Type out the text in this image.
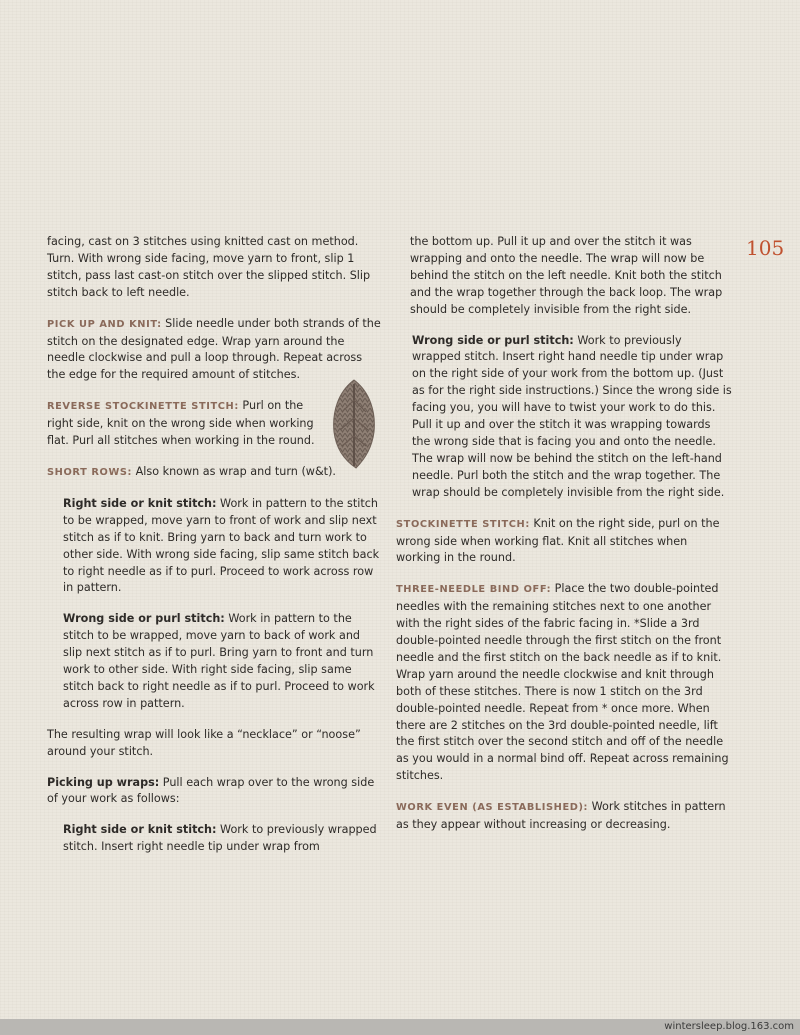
105

facing, cast on 3 stitches using knitted cast on method. Turn. With wrong side facing, move yarn to front, slip 1 stitch, pass last cast-on stitch over the slipped stitch. Slip stitch back to left needle.

PICK UP AND KNIT: Slide needle under both strands of the stitch on the designated edge. Wrap yarn around the needle clockwise and pull a loop through. Repeat across the edge for the required amount of stitches.

REVERSE STOCKINETTE STITCH: Purl on the right side, knit on the wrong side when working flat. Purl all stitches when working in the round.

SHORT ROWS: Also known as wrap and turn (w&t).

Right side or knit stitch: Work in pattern to the stitch to be wrapped, move yarn to front of work and slip next stitch as if to knit. Bring yarn to back and turn work to other side. With wrong side facing, slip same stitch back to right needle as if to purl. Proceed to work across row in pattern.

Wrong side or purl stitch: Work in pattern to the stitch to be wrapped, move yarn to back of work and slip next stitch as if to purl. Bring yarn to front and turn work to other side. With right side facing, slip same stitch back to right needle as if to purl. Proceed to work across row in pattern.

The resulting wrap will look like a “necklace” or “noose” around your stitch.

Picking up wraps: Pull each wrap over to the wrong side of your work as follows:

Right side or knit stitch: Work to previously wrapped stitch. Insert right needle tip under wrap from

the bottom up. Pull it up and over the stitch it was wrapping and onto the needle. The wrap will now be behind the stitch on the left needle. Knit both the stitch and the wrap together through the back loop. The wrap should be completely invisible from the right side.

Wrong side or purl stitch: Work to previously wrapped stitch. Insert right hand needle tip under wrap on the right side of your work from the bottom up. (Just as for the right side instructions.) Since the wrong side is facing you, you will have to twist your work to do this. Pull it up and over the stitch it was wrapping towards the wrong side that is facing you and onto the needle. The wrap will now be behind the stitch on the left-hand needle. Purl both the stitch and the wrap together. The wrap should be completely invisible from the right side.

STOCKINETTE STITCH: Knit on the right side, purl on the wrong side when working flat. Knit all stitches when working in the round.

THREE-NEEDLE BIND OFF: Place the two double-pointed needles with the remaining stitches next to one another with the right sides of the fabric facing in. *Slide a 3rd double-pointed needle through the first stitch on the front needle and the first stitch on the back needle as if to knit. Wrap yarn around the needle clockwise and knit through both of these stitches. There is now 1 stitch on the 3rd double-pointed needle. Repeat from * once more. When there are 2 stitches on the 3rd double-pointed needle, lift the first stitch over the second stitch and off of the needle as you would in a normal bind off. Repeat across remaining stitches.

WORK EVEN (AS ESTABLISHED): Work stitches in pattern as they appear without increasing or decreasing.

wintersleep.blog.163.com
